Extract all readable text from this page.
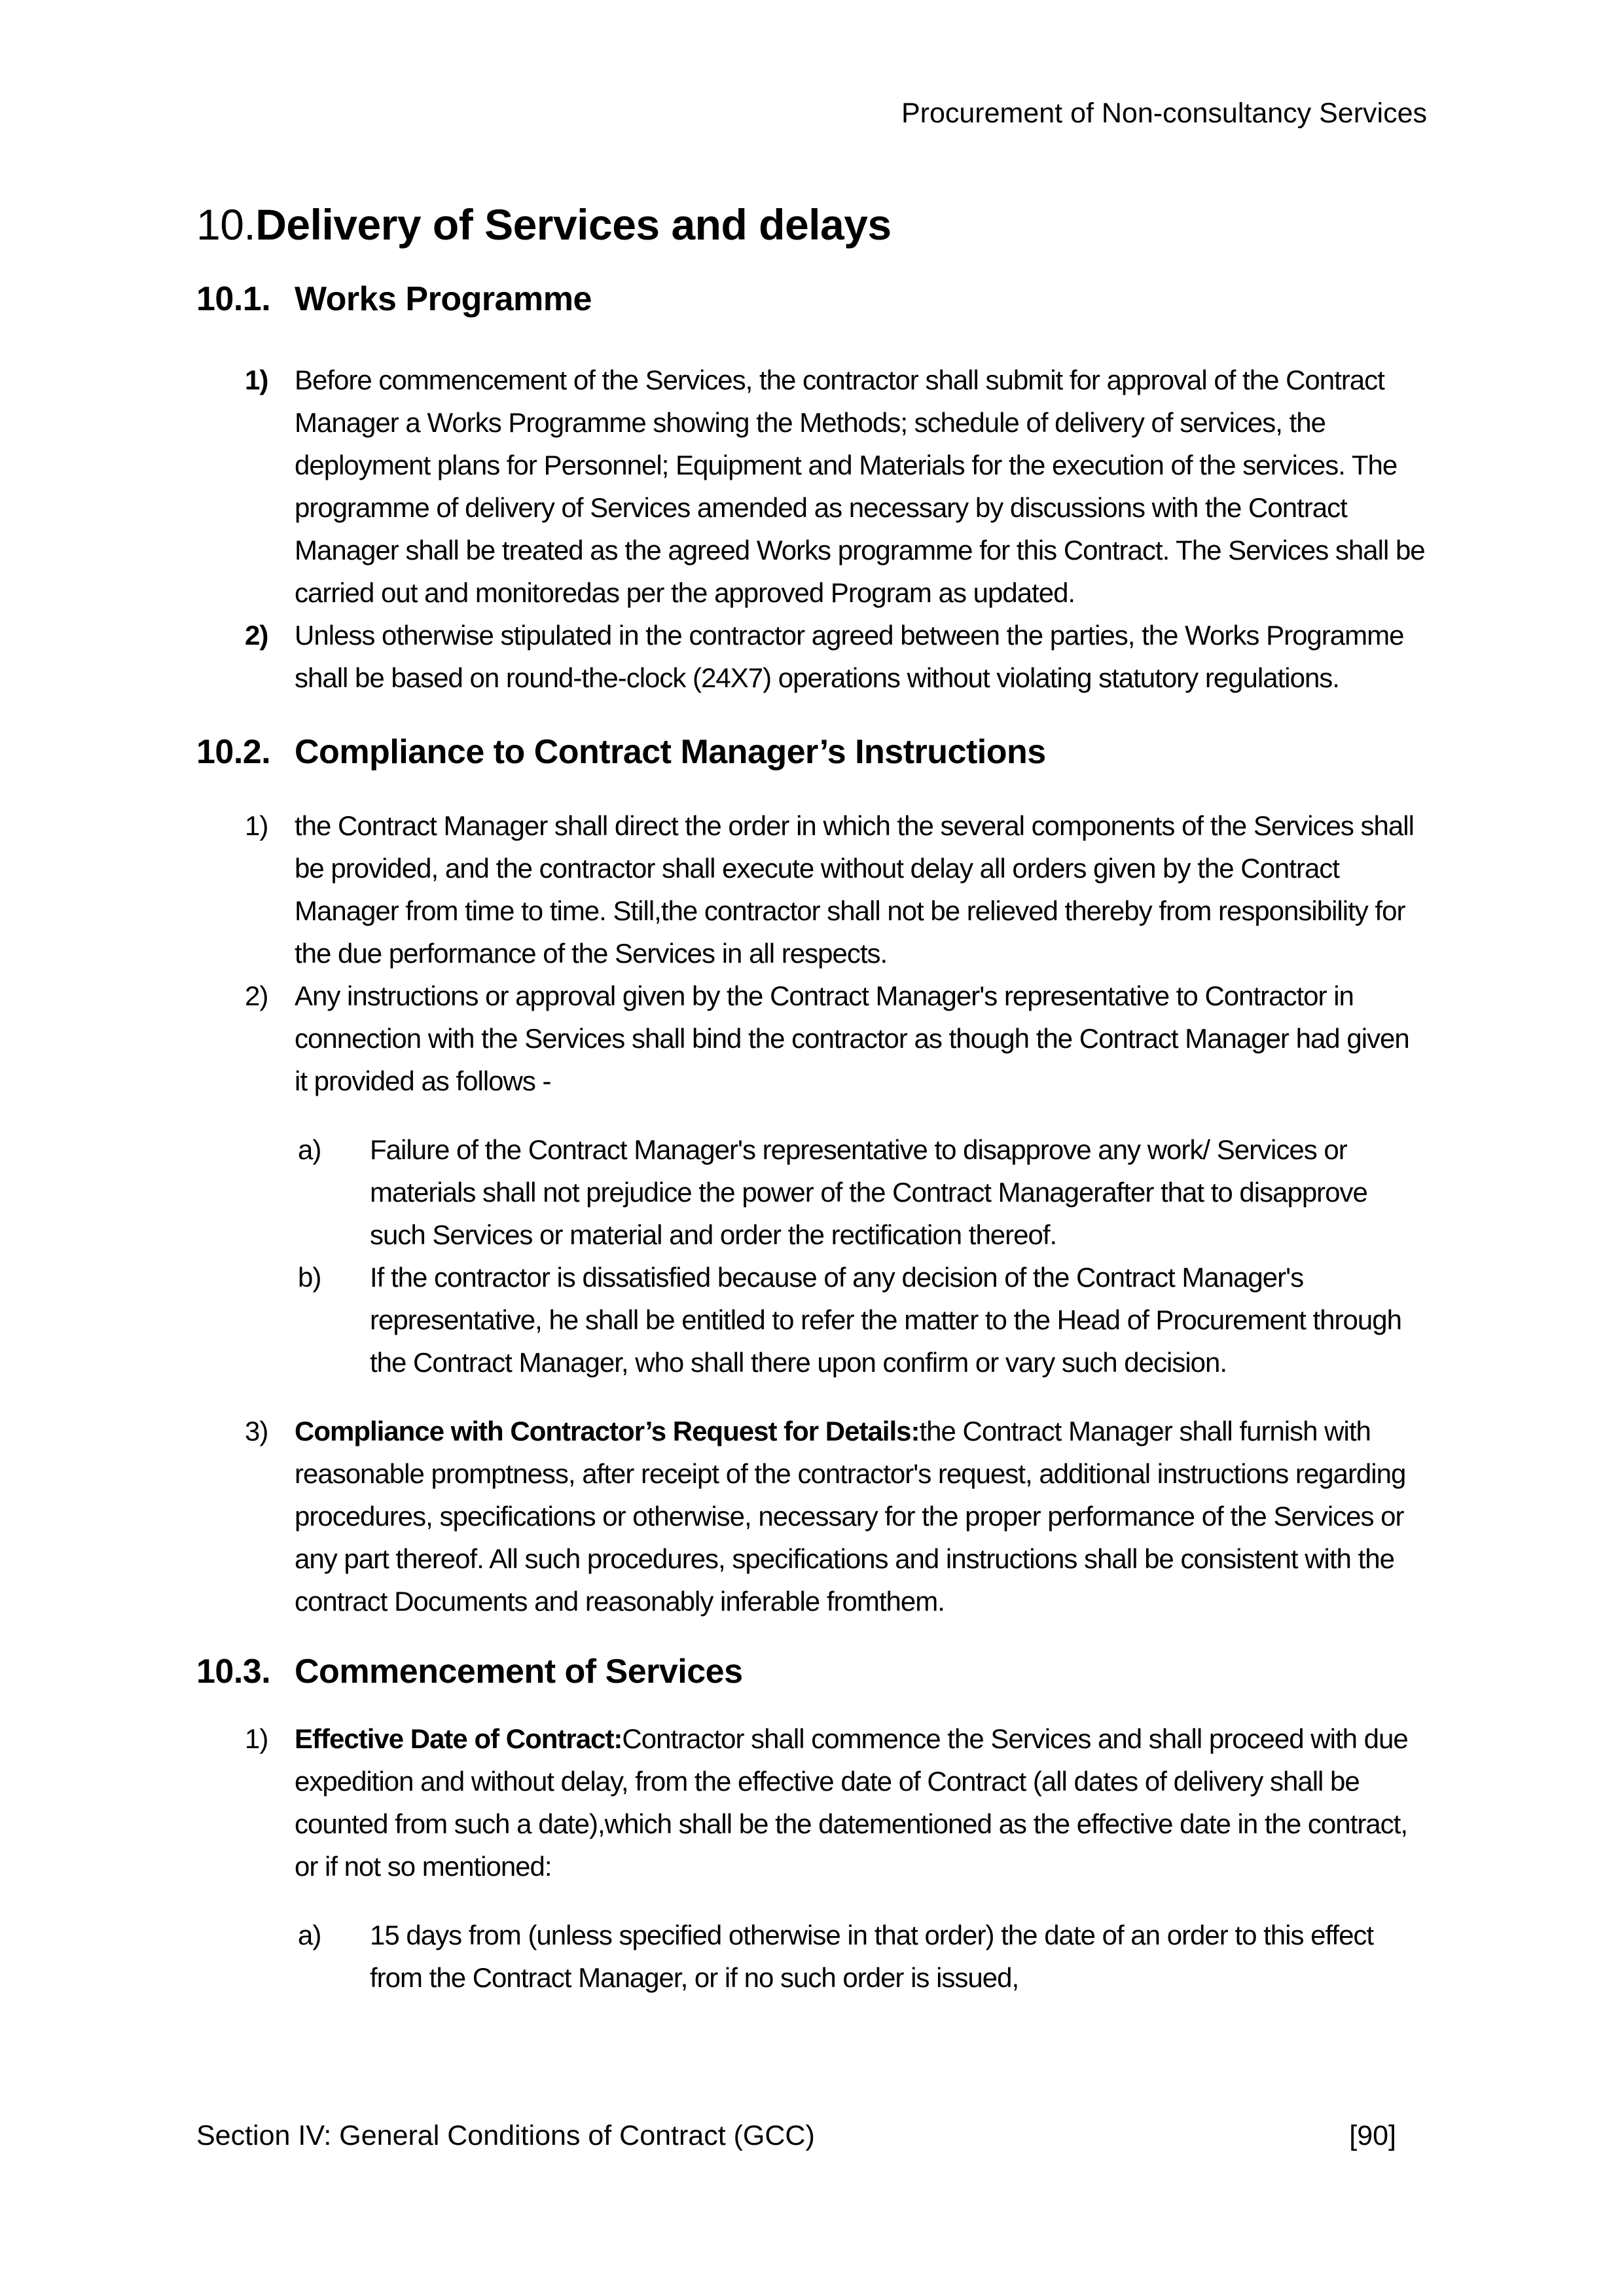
Procurement of Non-consultancy Services
10.Delivery of Services and delays
10.1. Works Programme
1) Before commencement of the Services, the contractor shall submit for approval of the Contract Manager a Works Programme showing the Methods; schedule of delivery of services, the deployment plans for Personnel; Equipment and Materials for the execution of the services. The programme of delivery of Services amended as necessary by discussions with the Contract Manager shall be treated as the agreed Works programme for this Contract. The Services shall be carried out and monitoredas per the approved Program as updated.
2) Unless otherwise stipulated in the contractor agreed between the parties, the Works Programme shall be based on round-the-clock (24X7) operations without violating statutory regulations.
10.2. Compliance to Contract Manager’s Instructions
1) the Contract Manager shall direct the order in which the several components of the Services shall be provided, and the contractor shall execute without delay all orders given by the Contract Manager from time to time. Still,the contractor shall not be relieved thereby from responsibility for the due performance of the Services in all respects.
2) Any instructions or approval given by the Contract Manager's representative to Contractor in connection with the Services shall bind the contractor as though the Contract Manager had given it provided as follows -
a)	Failure of the Contract Manager's representative to disapprove any work/ Services or materials shall not prejudice the power of the Contract Managerafter that to disapprove such Services or material and order the rectification thereof.
b)	If the contractor is dissatisfied because of any decision of the Contract Manager's representative, he shall be entitled to refer the matter to the Head of Procurement through the Contract Manager, who shall there upon confirm or vary such decision.
3) Compliance with Contractor’s Request for Details:the Contract Manager shall furnish with reasonable promptness, after receipt of the contractor's request, additional instructions regarding procedures, specifications or otherwise, necessary for the proper performance of the Services or any part thereof. All such procedures, specifications and instructions shall be consistent with the contract Documents and reasonably inferable fromthem.
10.3. Commencement of Services
1) Effective Date of Contract:Contractor shall commence the Services and shall proceed with due expedition and without delay, from the effective date of Contract (all dates of delivery shall be counted from such a date),which shall be the datementioned as the effective date in the contract, or if not so mentioned:
a)	15 days from (unless specified otherwise in that order) the date of an order to this effect from the Contract Manager, or if no such order is issued,
Section IV: General Conditions of Contract (GCC)	[90]
